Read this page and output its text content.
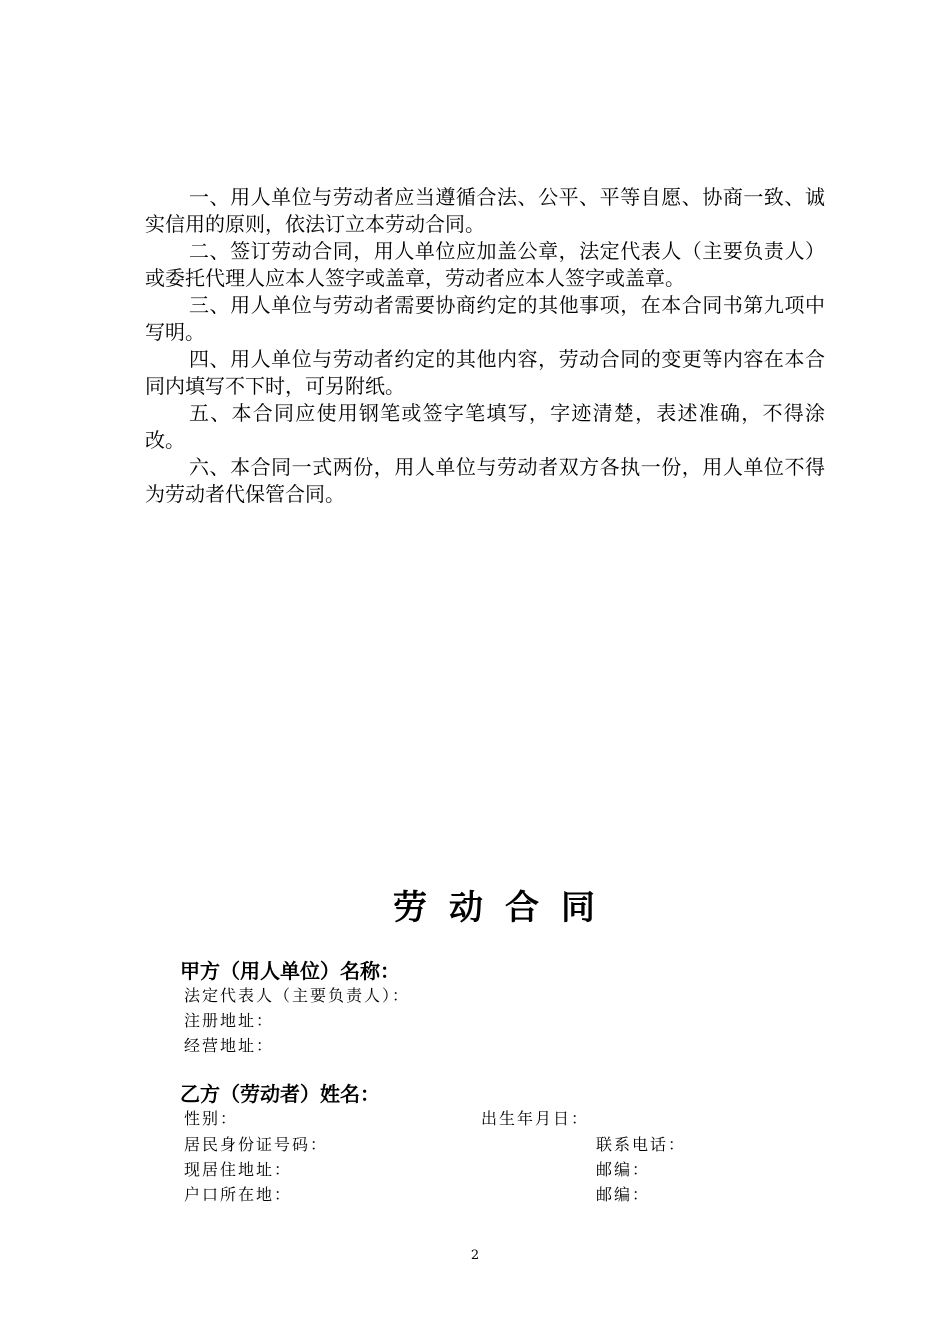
一、用人单位与劳动者应当遵循合法、公平、平等自愿、协商一致、诚实信用的原则，依法订立本劳动合同。

二、签订劳动合同，用人单位应加盖公章，法定代表人（主要负责人）或委托代理人应本人签字或盖章，劳动者应本人签字或盖章。

三、用人单位与劳动者需要协商约定的其他事项，在本合同书第九项中写明。

四、用人单位与劳动者约定的其他内容，劳动合同的变更等内容在本合同内填写不下时，可另附纸。

五、本合同应使用钢笔或签字笔填写，字迹清楚，表述准确，不得涂改。

六、本合同一式两份，用人单位与劳动者双方各执一份，用人单位不得为劳动者代保管合同。

劳动合同
甲方（用人单位）名称：
法定代表人（主要负责人）：
注册地址：
经营地址：
乙方（劳动者）姓名：
性别：	出生年月日：
居民身份证号码：	联系电话：
现居住地址：	邮编：
户口所在地：	邮编：
2
